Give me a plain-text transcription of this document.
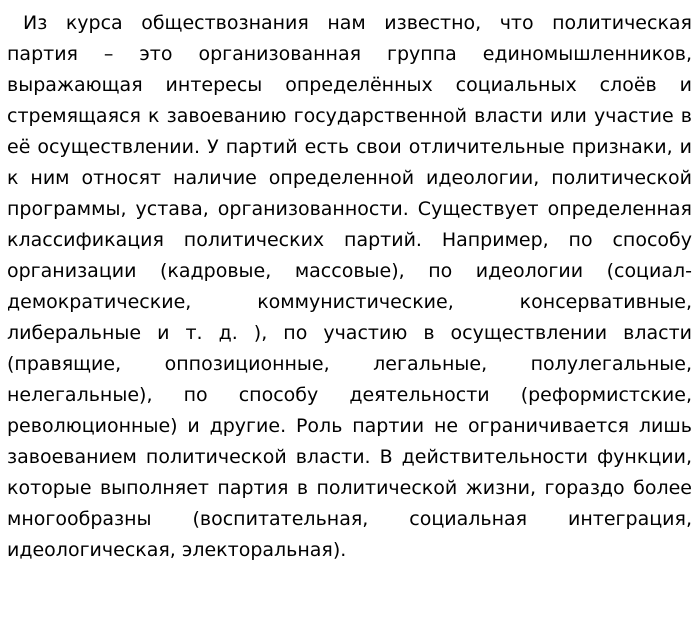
Из курса обществознания нам известно, что политическая партия – это организованная группа единомышленников, выражающая интересы определённых социальных слоёв и стремящаяся к завоеванию государственной власти или участие в её осуществлении. У партий есть свои отличительные признаки, и к ним относят наличие определенной идеологии, политической программы, устава, организованности. Существует определенная классификация политических партий. Например, по способу организации (кадровые, массовые), по идеологии (социал-демократические, коммунистические, консервативные, либеральные и т. д. ), по участию в осуществлении власти (правящие, оппозиционные, легальные, полулегальные, нелегальные), по способу деятельности (реформистские, революционные) и другие. Роль партии не ограничивается лишь завоеванием политической власти. В действительности функции, которые выполняет партия в политической жизни, гораздо более многообразны (воспитательная, социальная интеграция, идеологическая, электоральная).
